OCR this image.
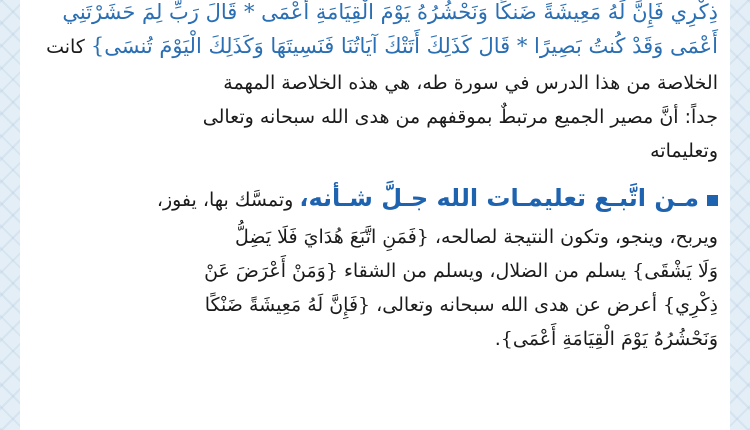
ذِكْرِي فَإِنَّ لَهُ مَعِيشَةً ضَنكًا وَنَحْشُرُهُ يَوْمَ الْقِيَامَةِ أَعْمَى * قَالَ رَبِّ لِمَ حَشَرْتَنِي

أَعْمَى وَقَدْ كُنتُ بَصِيرًا * قَالَ كَذَلِكَ أَتَتْكَ آيَاتُنَا فَنَسِيتَهَا وَكَذَلِكَ الْيَوْمَ تُنسَى} كانت

الخلاصة من هذا الدرس في سورة طه، هي هذه الخلاصة المهمة

جداً: أنَّ مصير الجميع مرتبطٌ بموقفهم من هدى الله سبحانه وتعالى

وتعليماته

مـن اتَّبـع تعليمـات الله جـلَّ شـأنه، وتمسَّك بها، يفوز،

ويربح، وينجو، وتكون النتيجة لصالحه، {فَمَنِ اتَّبَعَ هُدَايَ فَلَا يَضِلُّ

وَلَا يَشْقَى} يسلم من الضلال، ويسلم من الشقاء {وَمَنْ أَعْرَضَ عَنْ

ذِكْرِي} أعرض عن هدى الله سبحانه وتعالى، {فَإِنَّ لَهُ مَعِيشَةً ضَنْكًا

وَنَحْشُرُهُ يَوْمَ الْقِيَامَةِ أَعْمَى}.
